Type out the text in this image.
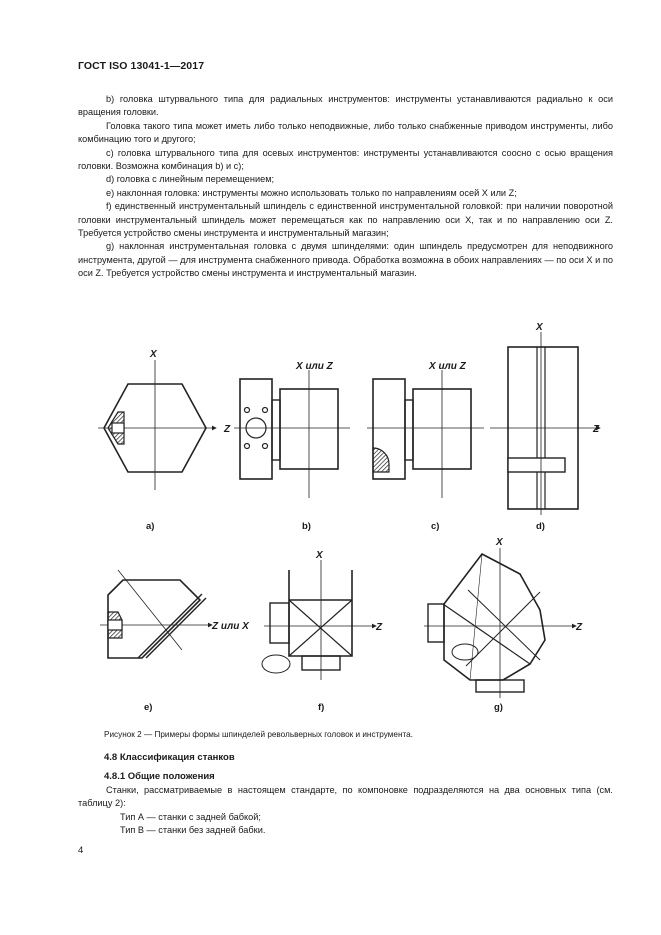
ГОСТ ISO 13041-1—2017

b) головка штурвального типа для радиальных инструментов: инструменты устанавливаются радиально к оси вращения головки.

Головка такого типа может иметь либо только неподвижные, либо только снабженные приводом инструменты, либо комбинацию того и другого;

c) головка штурвального типа для осевых инструментов: инструменты устанавливаются соосно с осью вращения головки. Возможна комбинация b) и c);

d) головка с линейным перемещением;

e) наклонная головка: инструменты можно использовать только по направлениям осей X или Z;

f) единственный инструментальный шпиндель с единственной инструментальной головкой: при наличии поворотной головки инструментальный шпиндель может перемещаться как по направлению оси X, так и по направлению оси Z. Требуется устройство смены инструмента и инструментальный магазин;

g) наклонная инструментальная головка с двумя шпинделями: один шпиндель предусмотрен для неподвижного инструмента, другой — для инструмента снабженного привода. Обработка возможна в обоих направлениях — по оси X и по оси Z. Требуется устройство смены инструмента и инструментальный магазин.

X
Z
X или Z	X или Z
X
Z
Z или X
X
Z
X
Z
a)	b)	c)	d)
e)	f)	g)
Рисунок 2 — Примеры формы шпинделей револьверных головок и инструмента.
4.8 Классификация станков
4.8.1 Общие положения

Станки, рассматриваемые в настоящем стандарте, по компоновке подразделяются на два основных типа (см. таблицу 2):

Тип А — станки с задней бабкой;

Тип В — станки без задней бабки.

4
